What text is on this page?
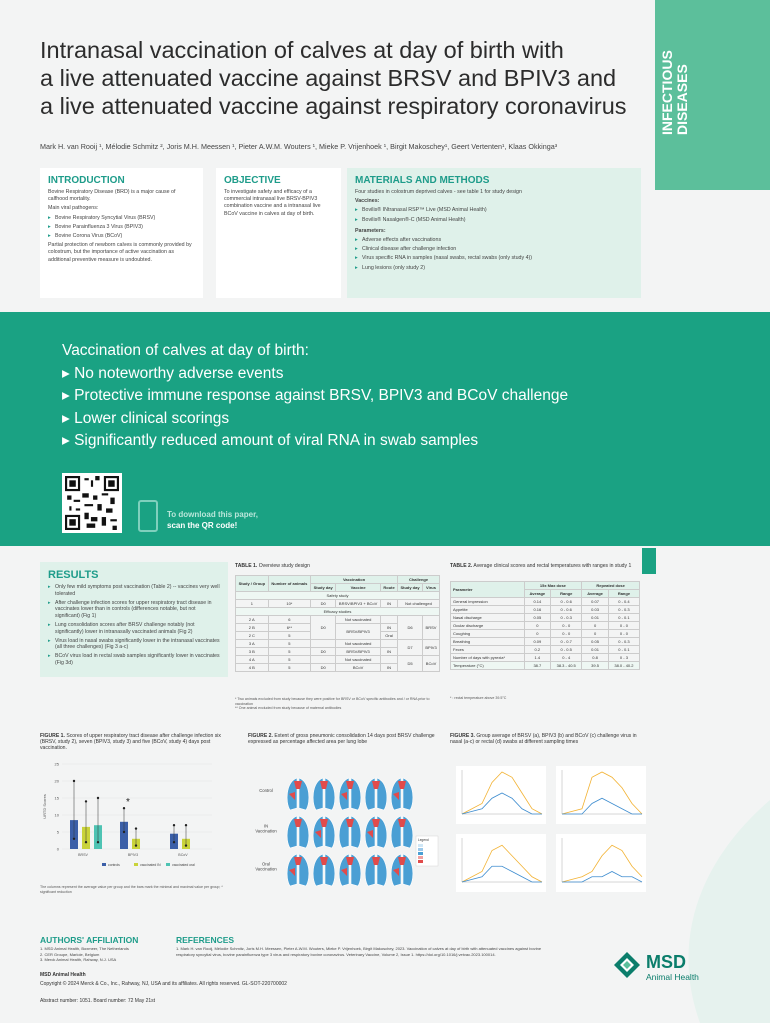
INFECTIOUS DISEASES
Intranasal vaccination of calves at day of birth with
a live attenuated vaccine against BRSV and BPIV3 and
a live attenuated vaccine against respiratory coronavirus
Mark H. van Rooij ¹, Mélodie Schmitz ², Joris M.H. Meessen ¹, Pieter A.W.M. Wouters ¹, Mieke P. Vrijenhoek ¹, Birgit Makoschey¹, Geert Vertenten¹, Klaas Okkinga³
INTRODUCTION

Bovine Respiratory Disease (BRD) is a major cause of calfhood mortality.

Main viral pathogens:

▸ Bovine Respiratory Syncytial Virus (BRSV)
▸ Bovine Parainfluenza 3 Virus (BPIV3)
▸ Bovine Corona Virus (BCoV)

Partial protection of newborn calves is commonly provided by colostrum, but the importance of active vaccination as additional preventive measure is undoubted.

OBJECTIVE

To investigate safety and efficacy of a commercial intranasal live BRSV-BPIV3 combination vaccine and a intranasal live BCoV vaccine in calves at day of birth.

MATERIALS AND METHODS

Four studies in colostrum deprived calves - see table 1 for study design

Vaccines:

▸ Bovilis® INtranasal RSP™ Live (MSD Animal Health)
▸ Bovilis® Nasalgen®-C (MSD Animal Health)

Parameters:

▸ Adverse effects after vaccinations
▸ Clinical disease after challenge infection
▸ Virus specific RNA in samples (nasal swabs, rectal swabs (only study 4))
▸ Lung lesions (only study 2)
Vaccination of calves at day of birth:
▸ No noteworthy adverse events
▸ Protective immune response against BRSV, BPIV3 and BCoV challenge
▸ Lower clinical scorings
▸ Significantly reduced amount of viral RNA in swab samples
To download this paper,
scan the QR code!
RESULTS
▸ Only few mild symptoms post vaccination (Table 2) -- vaccines very well tolerated
▸ After challenge infection scores for upper respiratory tract disease in vaccinates lower than in controls (differences notable, but not significant) (Fig 1)
▸ Lung consolidation scores after BRSV challenge notably (not significantly) lower in intranasally vaccinated animals (Fig 2)
▸ Virus load in nasal swabs significantly lower in the intranasal vaccinates (all three challenges) (Fig 3 a-c)
▸ BCoV virus load in rectal swab samples significantly lower in vaccinates (Fig 3d)
TABLE 1. Overview study design
Study / Group	Number of animals	Vaccination			Challenge	
		Study day	Vaccine	Route	Study day	Virus
Safety study						
1	10*	D0	BRSV/BPIV3 + BCoV	IN	Not challenged	
Efficacy studies						
2 A	6	D0	Not vaccinated		D6	BRSV
2 B	6**		BRSV/BPIV3	IN		
2 C	5			Oral		
3 A	5		Not vaccinated		D7	BPIV3
3 B	5	D0	BRSV/BPIV3	IN		
4 A	5		Not vaccinated		D5	BCoV
4 B	5	D0	BCoV	IN		
* Two animals excluded from study because they were positive for BRSV or BCoV specific antibodies and / or RNA prior to vaccination
** One animal excluded from study because of maternal antibodies
TABLE 2. Average clinical scores and rectal temperatures with ranges in study 1
Parameter	15x Max dose		Repeated dose	
	Average	Range	Average	Range
General impression	0.14	0 - 0.6	0.07	0 - 0.4
Appetite	0.16	0 - 0.6	0.03	0 - 0.3
Nasal discharge	0.05	0 - 0.3	0.01	0 - 0.1
Ocular discharge	0	0 - 0	0	0 - 0
Coughing	0	0 - 0	0	0 - 0
Breathing	0.09	0 - 0.7	0.05	0 - 0.3
Feces	0.2	0 - 0.5	0.01	0 - 0.1
Number of days with pyrexia*	1.4	0 - 4	0.8	0 - 3
Temperature (°C)	38.7	38.3 - 40.5	39.5	38.0 - 40.2
* : rectal temperature above 39.5°C
FIGURE 1. Scores of upper respiratory tract disease after challenge infection six (BRSV, study 2), seven (BPIV3, study 3) and five (BCoV, study 4) days post vaccination.
0
5
10
15
20
25
URTD Scores
BRSV	BPIV3	BCoV
*
controls	vaccinated IN	vaccinated oral
The columns represent the average value per group and the bars mark the minimal and maximal value per group; * significant reduction
FIGURE 2. Extent of gross pneumonic consolidation 14 days post BRSV challenge expressed as percentage affected area per lung lobe
Control
IN
Vaccination
Oral
Vaccination
Legend
FIGURE 3. Group average of BRSV (a), BPIV3 (b) and BCoV (c) challenge virus in nasal (a-c) or rectal (d) swabs at different sampling times
AUTHORS' AFFILIATION
1. MSD Animal Health, Boxmeer, The Netherlands
2. CER Groupe, Marloie, Belgium
3. Merck Animal Health, Rahway, N.J. USA
REFERENCES
1. Mark H. van Rooij, Mélodie Schmitz, Joris M.H. Meessen, Pieter A.W.M. Wouters, Mieke P. Vrijenhoek, Birgit Makoschey, 2023. Vaccination of calves at day of birth with attenuated vaccines against bovine respiratory syncytial virus, bovine parainfluenza type 3 virus and respiratory bovine coronavirus. Veterinary Vaccine, Volume 2, Issue 1. https://doi.org/10.1016/j.vetvac.2023.100014.
MSD Animal Health
Copyright © 2024 Merck & Co., Inc., Rahway, NJ, USA and its affiliates. All rights reserved. GL-SOT-220700002
Abstract number: 1051. Board number: 72 May 21st
MSD
Animal Health
